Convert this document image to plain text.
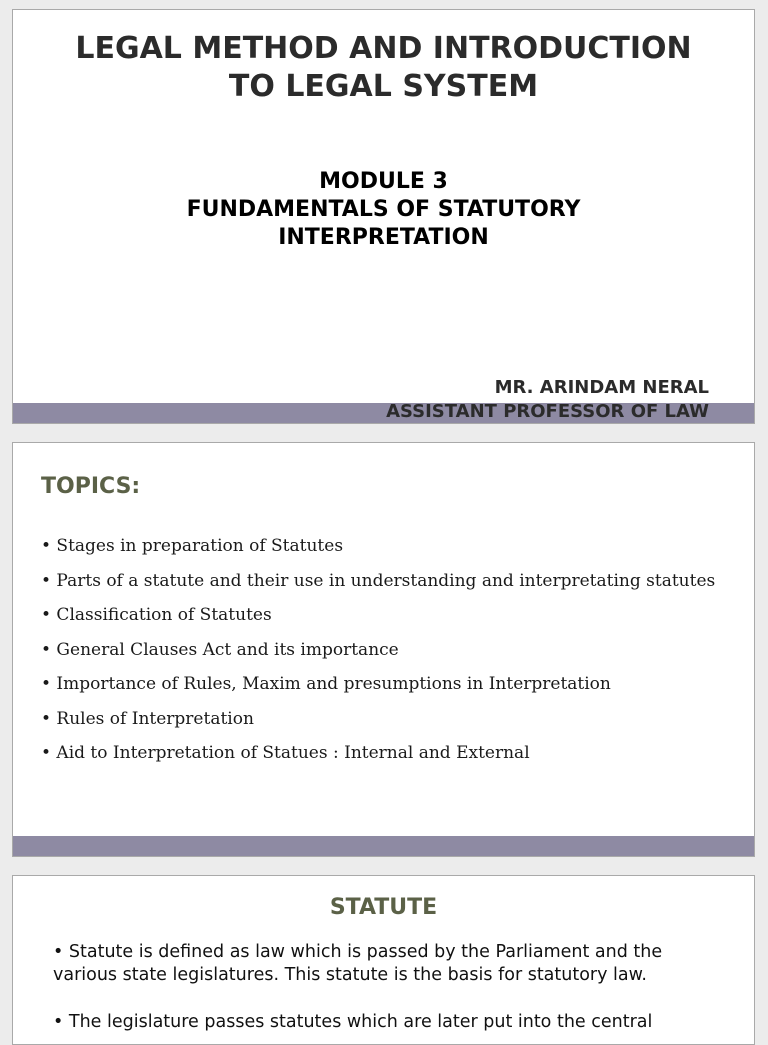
LEGAL METHOD AND INTRODUCTION
TO LEGAL SYSTEM
MODULE 3
FUNDAMENTALS OF STATUTORY
INTERPRETATION
MR. ARINDAM NERAL
ASSISTANT PROFESSOR OF LAW
TOPICS:
• Stages in preparation of Statutes
• Parts of a statute and their use in understanding and interpretating statutes
• Classification of Statutes
• General Clauses Act and its importance
• Importance of Rules, Maxim and presumptions in Interpretation
• Rules of Interpretation
• Aid to Interpretation of Statues : Internal and External
STATUTE
• Statute is defined as law which is passed by the Parliament and the various state legislatures. This statute is the basis for statutory law.
• The legislature passes statutes which are later put into the central
